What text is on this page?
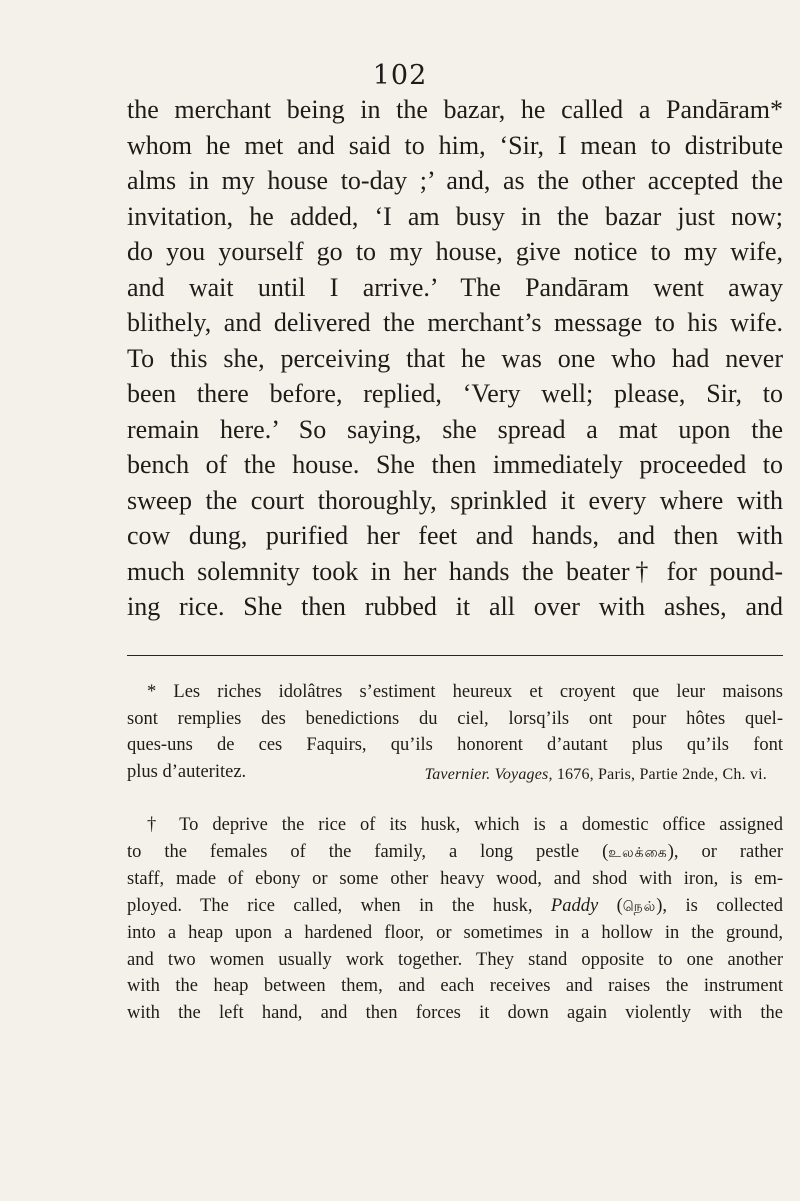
102
the merchant being in the bazar, he called a Pandāram*
whom he met and said to him, ‘Sir, I mean to distribute
alms in my house to-day ;’ and, as the other accepted the
invitation, he added, ‘I am busy in the bazar just now;
do you yourself go to my house, give notice to my wife,
and wait until I arrive.’ The Pandāram went away
blithely, and delivered the merchant’s message to his wife.
To this she, perceiving that he was one who had never
been there before, replied, ‘Very well; please, Sir, to
remain here.’ So saying, she spread a mat upon the
bench of the house. She then immediately proceeded to
sweep the court thoroughly, sprinkled it every where with
cow dung, purified her feet and hands, and then with
much solemnity took in her hands the beater† for pound-
ing rice. She then rubbed it all over with ashes, and
* Les riches idolâtres s’estiment heureux et croyent que leur maisons
sont remplies des benedictions du ciel, lorsq’ils ont pour hôtes quel-
ques-uns de ces Faquirs, qu’ils honorent d’autant plus qu’ils font
plus d’auteritez.	Tavernier. Voyages, 1676, Paris, Partie 2nde, Ch. vi.
† To deprive the rice of its husk, which is a domestic office assigned
to the females of the family, a long pestle (உலக்கை), or rather
staff, made of ebony or some other heavy wood, and shod with iron, is em-
ployed. The rice called, when in the husk, Paddy (நெல்), is collected
into a heap upon a hardened floor, or sometimes in a hollow in the ground,
and two women usually work together. They stand opposite to one another
with the heap between them, and each receives and raises the instrument
with the left hand, and then forces it down again violently with the
